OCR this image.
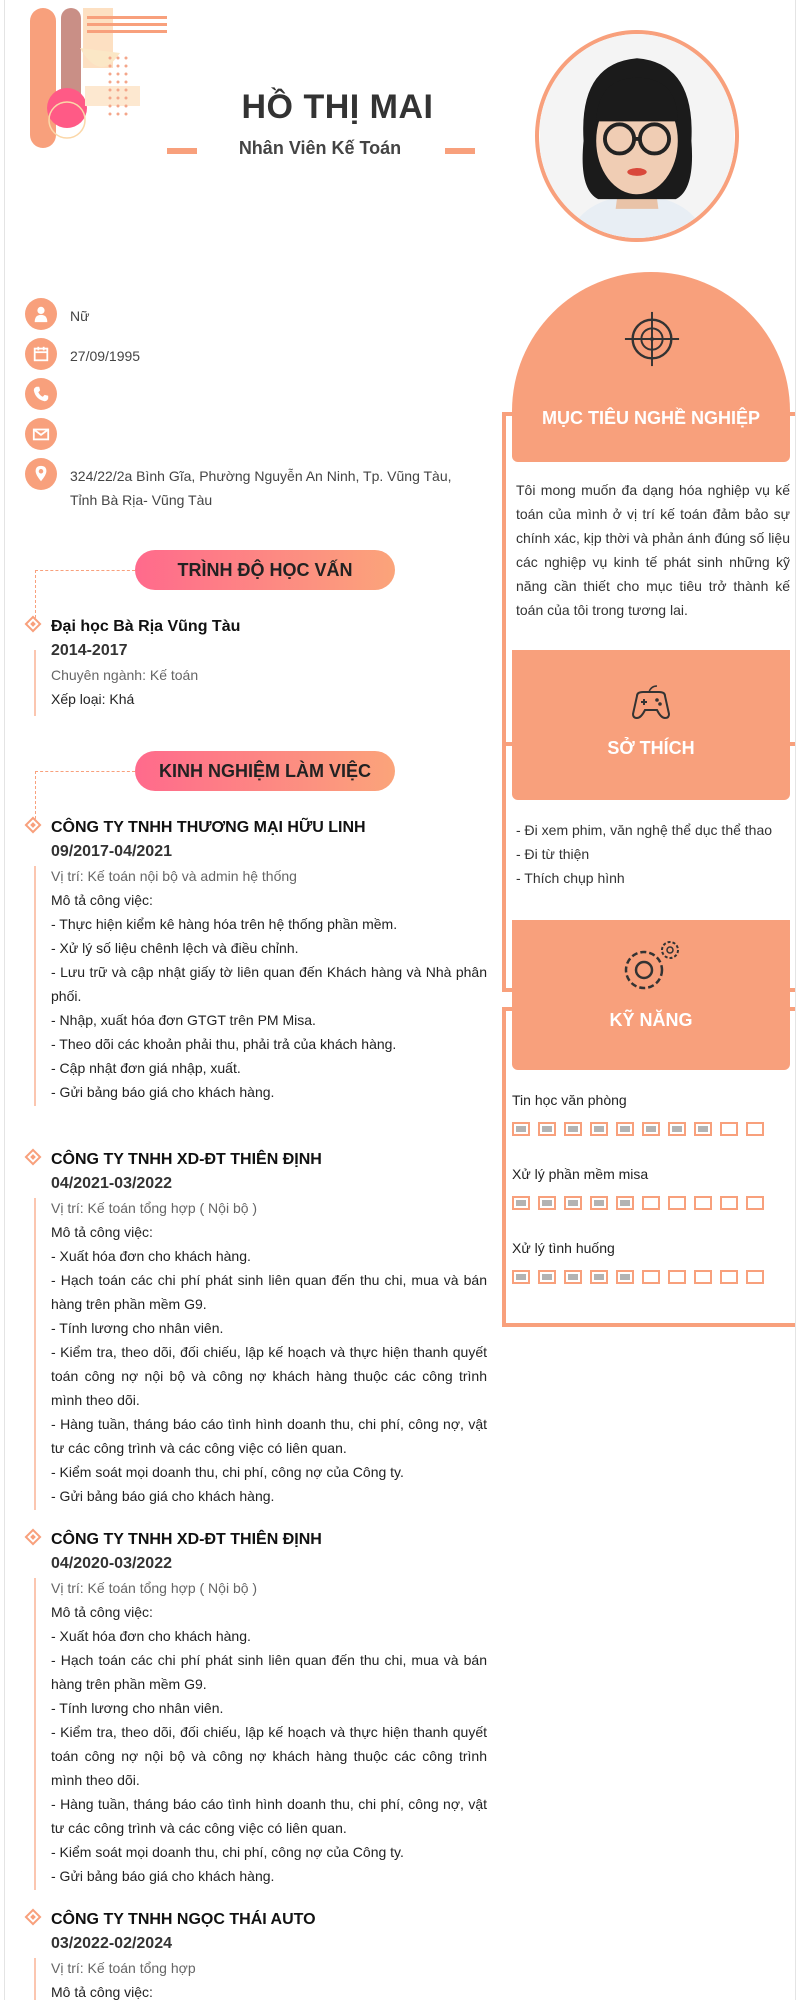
HỒ THỊ MAI
Nhân Viên Kế Toán
Nữ
27/09/1995
324/22/2a Bình Gĩa, Phường Nguyễn An Ninh, Tp. Vũng Tàu, Tỉnh Bà Rịa- Vũng Tàu
TRÌNH ĐỘ HỌC VẤN
Đại học Bà Rịa Vũng Tàu
2014-2017
Chuyên ngành: Kế toán
Xếp loại: Khá
KINH NGHIỆM LÀM VIỆC
CÔNG TY TNHH THƯƠNG MẠI HỮU LINH
09/2017-04/2021
Vị trí: Kế toán nội bộ và admin hệ thống
Mô tả công việc:
- Thực hiện kiểm kê hàng hóa trên hệ thống phần mềm.
- Xử lý số liệu chênh lệch và điều chỉnh.
- Lưu trữ và cập nhật giấy tờ liên quan đến Khách hàng và Nhà phân phối.
- Nhập, xuất hóa đơn GTGT trên PM Misa.
- Theo dõi các khoản phải thu, phải trả của khách hàng.
- Cập nhật đơn giá nhập, xuất.
- Gửi bảng báo giá cho khách hàng.
CÔNG TY TNHH XD-ĐT THIÊN ĐỊNH
04/2021-03/2022
Vị trí: Kế toán tổng hợp ( Nội bộ )
Mô tả công việc:
- Xuất hóa đơn cho khách hàng.
- Hạch toán các chi phí phát sinh liên quan đến thu chi, mua và bán hàng trên phần mềm G9.
- Tính lương cho nhân viên.
- Kiểm tra, theo dõi, đối chiếu, lập kế hoạch và thực hiện thanh quyết toán công nợ nội bộ và công nợ khách hàng thuộc các công trình mình theo dõi.
- Hàng tuần, tháng báo cáo tình hình doanh thu, chi phí, công nợ, vật tư các công trình và các công việc có liên quan.
- Kiểm soát mọi doanh thu, chi phí, công nợ của Công ty.
- Gửi bảng báo giá cho khách hàng.
CÔNG TY TNHH XD-ĐT THIÊN ĐỊNH
04/2020-03/2022
Vị trí: Kế toán tổng hợp ( Nội bộ )
Mô tả công việc:
- Xuất hóa đơn cho khách hàng.
- Hạch toán các chi phí phát sinh liên quan đến thu chi, mua và bán hàng trên phần mềm G9.
- Tính lương cho nhân viên.
- Kiểm tra, theo dõi, đối chiếu, lập kế hoạch và thực hiện thanh quyết toán công nợ nội bộ và công nợ khách hàng thuộc các công trình mình theo dõi.
- Hàng tuần, tháng báo cáo tình hình doanh thu, chi phí, công nợ, vật tư các công trình và các công việc có liên quan.
- Kiểm soát mọi doanh thu, chi phí, công nợ của Công ty.
- Gửi bảng báo giá cho khách hàng.
CÔNG TY TNHH NGỌC THÁI AUTO
03/2022-02/2024
Vị trí: Kế toán tổng hợp
Mô tả công việc:
MỤC TIÊU NGHỀ NGHIỆP
Tôi mong muốn đa dạng hóa nghiệp vụ kế toán của mình ở vị trí kế toán đảm bảo sự chính xác, kịp thời và phản ánh đúng số liệu các nghiệp vụ kinh tế phát sinh những kỹ năng cần thiết cho mục tiêu trở thành kế toán của tôi trong tương lai.
SỞ THÍCH
- Đi xem phim, văn nghệ thể dục thể thao
- Đi từ thiện
- Thích chụp hình
KỸ NĂNG
Tin học văn phòng
Xử lý phần mềm misa
Xử lý tình huống
